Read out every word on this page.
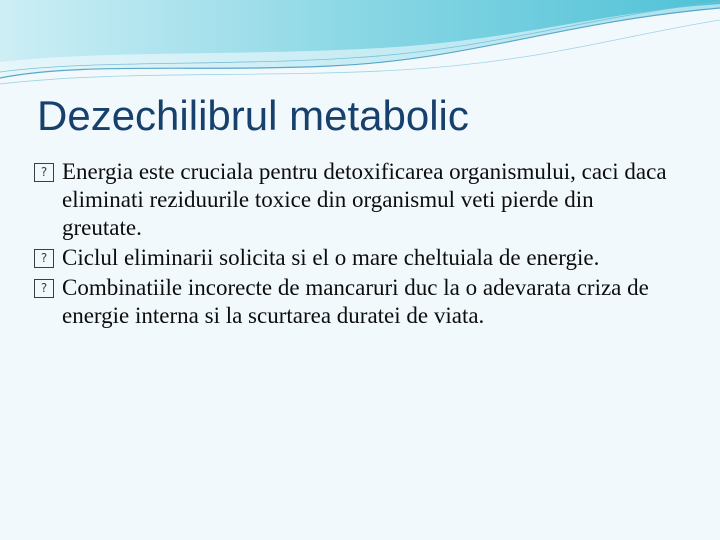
Dezechilibrul metabolic
?
Energia este cruciala pentru detoxificarea organismului, caci daca eliminati reziduurile toxice din organismul veti pierde din greutate.
?
Ciclul eliminarii solicita si el o mare cheltuiala de energie.
?
Combinatiile incorecte de mancaruri duc la o adevarata criza de energie interna si la scurtarea duratei de viata.
